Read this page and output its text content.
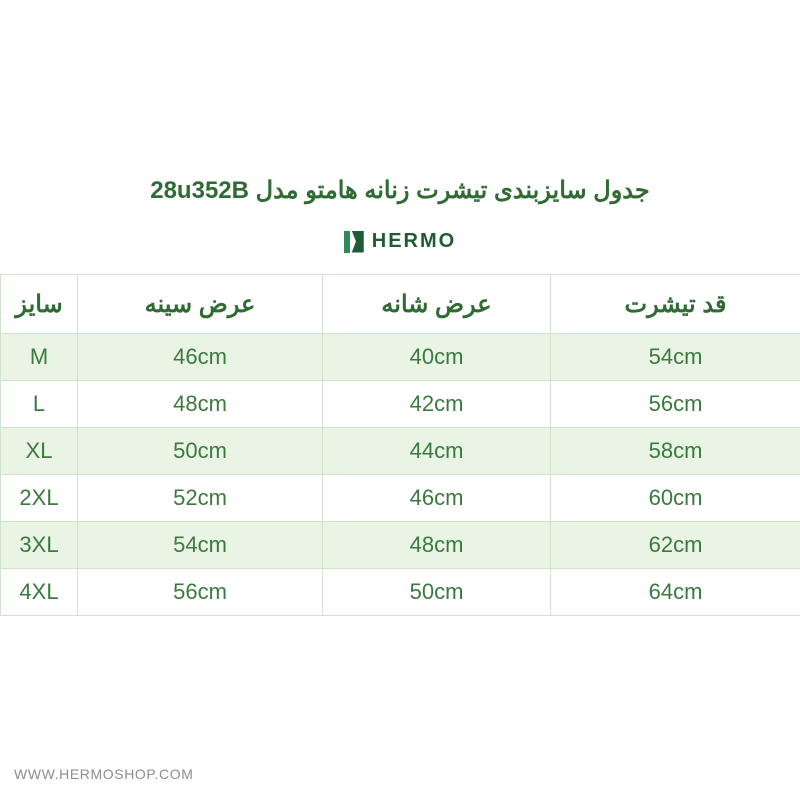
جدول سایزبندی تیشرت زنانه هامتو مدل 28u352B
HERMO
قد تیشرت	عرض شانه	عرض سینه	سایز
54cm	40cm	46cm	M
56cm	42cm	48cm	L
58cm	44cm	50cm	XL
60cm	46cm	52cm	2XL
62cm	48cm	54cm	3XL
64cm	50cm	56cm	4XL
WWW.HERMOSHOP.COM
